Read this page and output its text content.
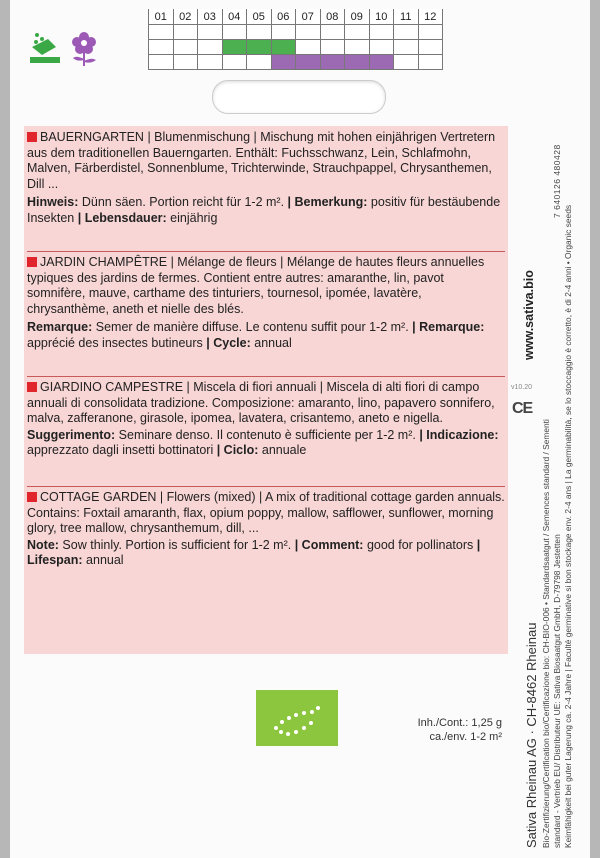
01	02	03	04	05	06	07	08	09	10	11	12

BAUERNGARTEN | Blumenmischung | Mischung mit hohen einjährigen Vertretern aus dem traditionellen Bauerngarten. Enthält: Fuchsschwanz, Lein, Schlafmohn, Malven, Färberdistel, Sonnenblume, Trichterwinde, Strauchpappel, Chrysanthemen, Dill ...

Hinweis: Dünn säen. Portion reicht für 1-2 m². | Bemerkung: positiv für bestäubende Insekten | Lebensdauer: einjährig

JARDIN CHAMPÊTRE | Mélange de fleurs | Mélange de hautes fleurs annuelles typiques des jardins de fermes. Contient entre autres: amaranthe, lin, pavot somnifère, mauve, carthame des tinturiers, tournesol, ipomée, lavatère, chrysanthème, aneth et nielle des blés.

Remarque: Semer de manière diffuse. Le contenu suffit pour 1-2 m². | Remarque: apprécié des insectes butineurs | Cycle: annual

GIARDINO CAMPESTRE | Miscela di fiori annuali | Miscela di alti fiori di campo annuali di consolidata tradizione. Composizione: amaranto, lino, papavero sonnifero, malva, zafferanone, girasole, ipomea, lavatera, crisantemo, aneto e nigella.

Suggerimento: Seminare denso. Il contenuto è sufficiente per 1-2 m². | Indicazione: apprezzato dagli insetti bottinatori | Ciclo: annuale

COTTAGE GARDEN | Flowers (mixed) | A mix of traditional cottage garden annuals. Contains: Foxtail amaranth, flax, opium poppy, mallow, safflower, sunflower, morning glory, tree mallow, chrysanthemum, dill, ...

Note: Sow thinly. Portion is sufficient for 1-2 m². | Comment: good for pollinators | Lifespan: annual

Sativa Rheinau AG · CH-8462 Rheinau Bio-Zertifizierung/Certification bio/Certificazione bio: CH-BIO-006 • Standardsaatgut / Semences standard / Sementi standard - Vertrieb EU/ Distributeur UE: Sativa Biosaatgut GmbH, D-79798 Jestetten Keimfähigkeit bei guter Lagerung ca. 2-4 Jahre | Faculté germinative si bon stockage env. 2-4 ans | La germinabilità, se lo stoccaggio è corretto, è di 2-4 anni • Organic seeds
www.sativa.bio
7 640126 480428
v10.20
CE
Inh./Cont.: 1,25 g
ca./env. 1-2 m²
